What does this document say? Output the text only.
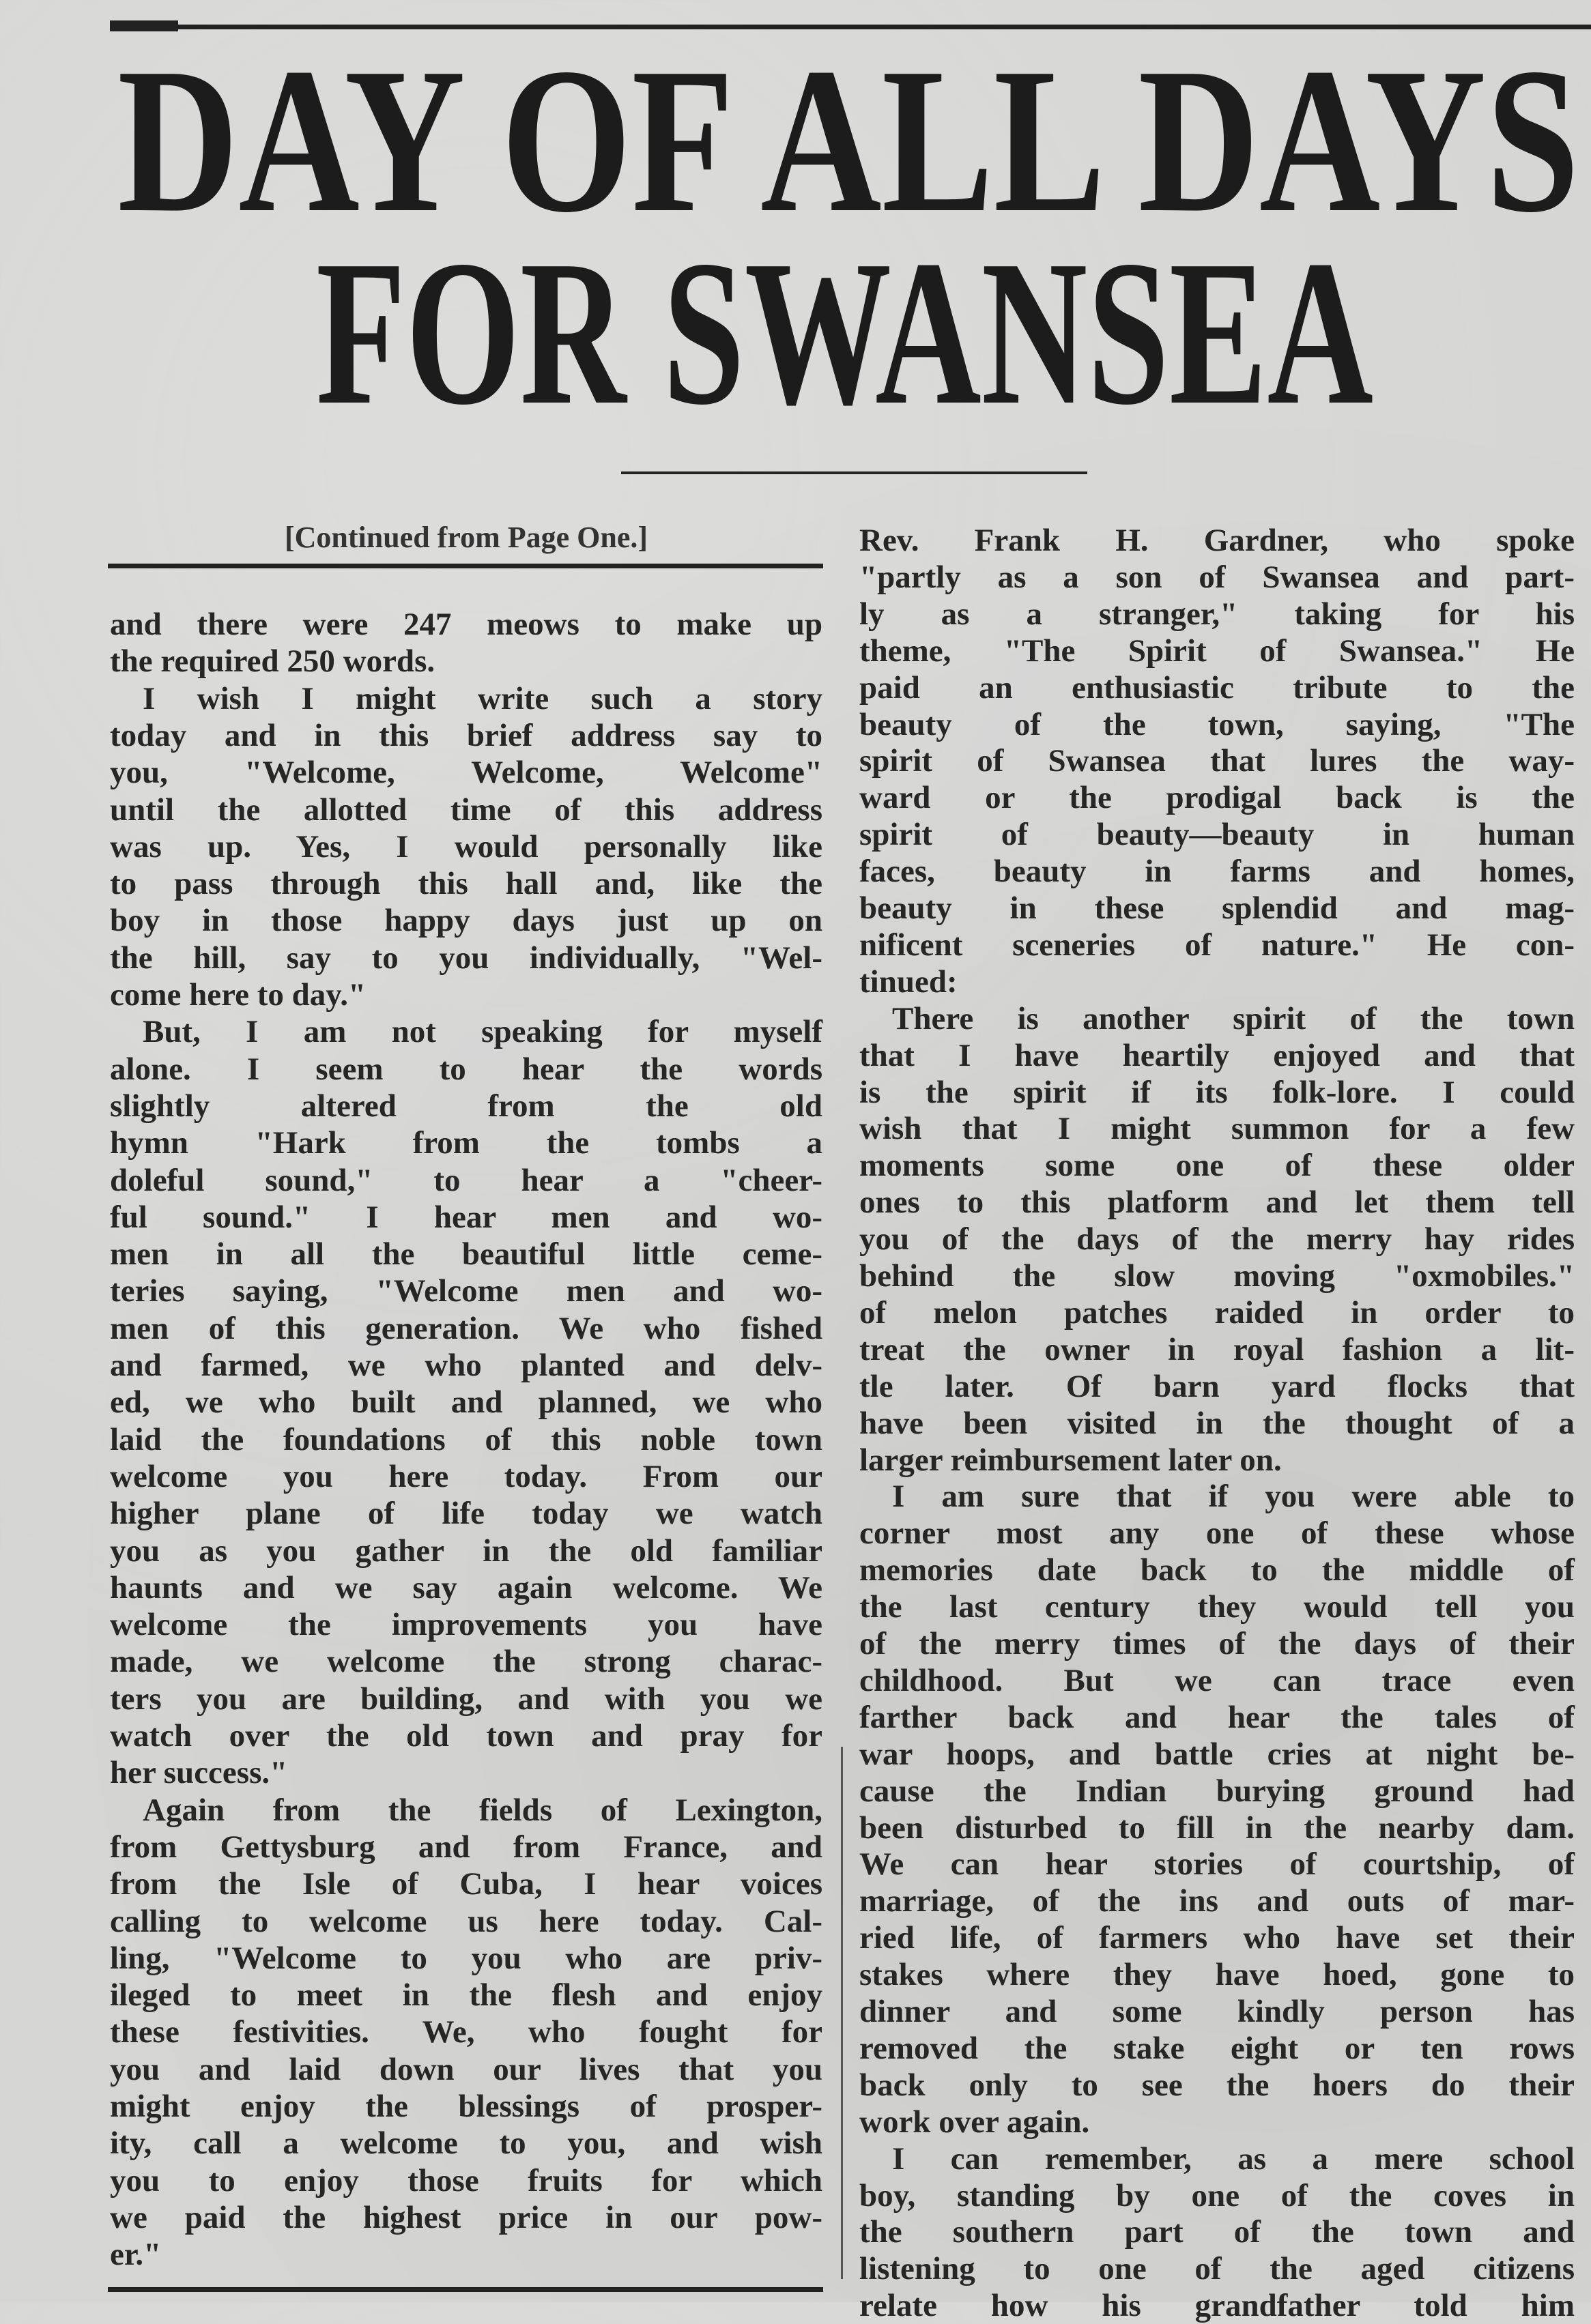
DAY OF ALL DAYS
FOR SWANSEA
[Continued from Page One.]
and there were 247 meows to make up
the required 250 words.
I wish I might write such a story
today and in this brief address say to
you, "Welcome, Welcome, Welcome"
until the allotted time of this address
was up. Yes, I would personally like
to pass through this hall and, like the
boy in those happy days just up on
the hill, say to you individually, "Wel-
come here to day."
But, I am not speaking for myself
alone. I seem to hear the words
slightly altered from the old
hymn "Hark from the tombs a
doleful sound," to hear a "cheer-
ful sound." I hear men and wo-
men in all the beautiful little ceme-
teries saying, "Welcome men and wo-
men of this generation. We who fished
and farmed, we who planted and delv-
ed, we who built and planned, we who
laid the foundations of this noble town
welcome you here today. From our
higher plane of life today we watch
you as you gather in the old familiar
haunts and we say again welcome. We
welcome the improvements you have
made, we welcome the strong charac-
ters you are building, and with you we
watch over the old town and pray for
her success."
Again from the fields of Lexington,
from Gettysburg and from France, and
from the Isle of Cuba, I hear voices
calling to welcome us here today. Cal-
ling, "Welcome to you who are priv-
ileged to meet in the flesh and enjoy
these festivities. We, who fought for
you and laid down our lives that you
might enjoy the blessings of prosper-
ity, call a welcome to you, and wish
you to enjoy those fruits for which
we paid the highest price in our pow-
er."
Rev. Frank H. Gardner, who spoke
"partly as a son of Swansea and part-
ly as a stranger," taking for his
theme, "The Spirit of Swansea." He
paid an enthusiastic tribute to the
beauty of the town, saying, "The
spirit of Swansea that lures the way-
ward or the prodigal back is the
spirit of beauty—beauty in human
faces, beauty in farms and homes,
beauty in these splendid and mag-
nificent sceneries of nature." He con-
tinued:
There is another spirit of the town
that I have heartily enjoyed and that
is the spirit if its folk-lore. I could
wish that I might summon for a few
moments some one of these older
ones to this platform and let them tell
you of the days of the merry hay rides
behind the slow moving "oxmobiles."
of melon patches raided in order to
treat the owner in royal fashion a lit-
tle later. Of barn yard flocks that
have been visited in the thought of a
larger reimbursement later on.
I am sure that if you were able to
corner most any one of these whose
memories date back to the middle of
the last century they would tell you
of the merry times of the days of their
childhood. But we can trace even
farther back and hear the tales of
war hoops, and battle cries at night be-
cause the Indian burying ground had
been disturbed to fill in the nearby dam.
We can hear stories of courtship, of
marriage, of the ins and outs of mar-
ried life, of farmers who have set their
stakes where they have hoed, gone to
dinner and some kindly person has
removed the stake eight or ten rows
back only to see the hoers do their
work over again.
I can remember, as a mere school
boy, standing by one of the coves in
the southern part of the town and
listening to one of the aged citizens
relate how his grandfather told him
